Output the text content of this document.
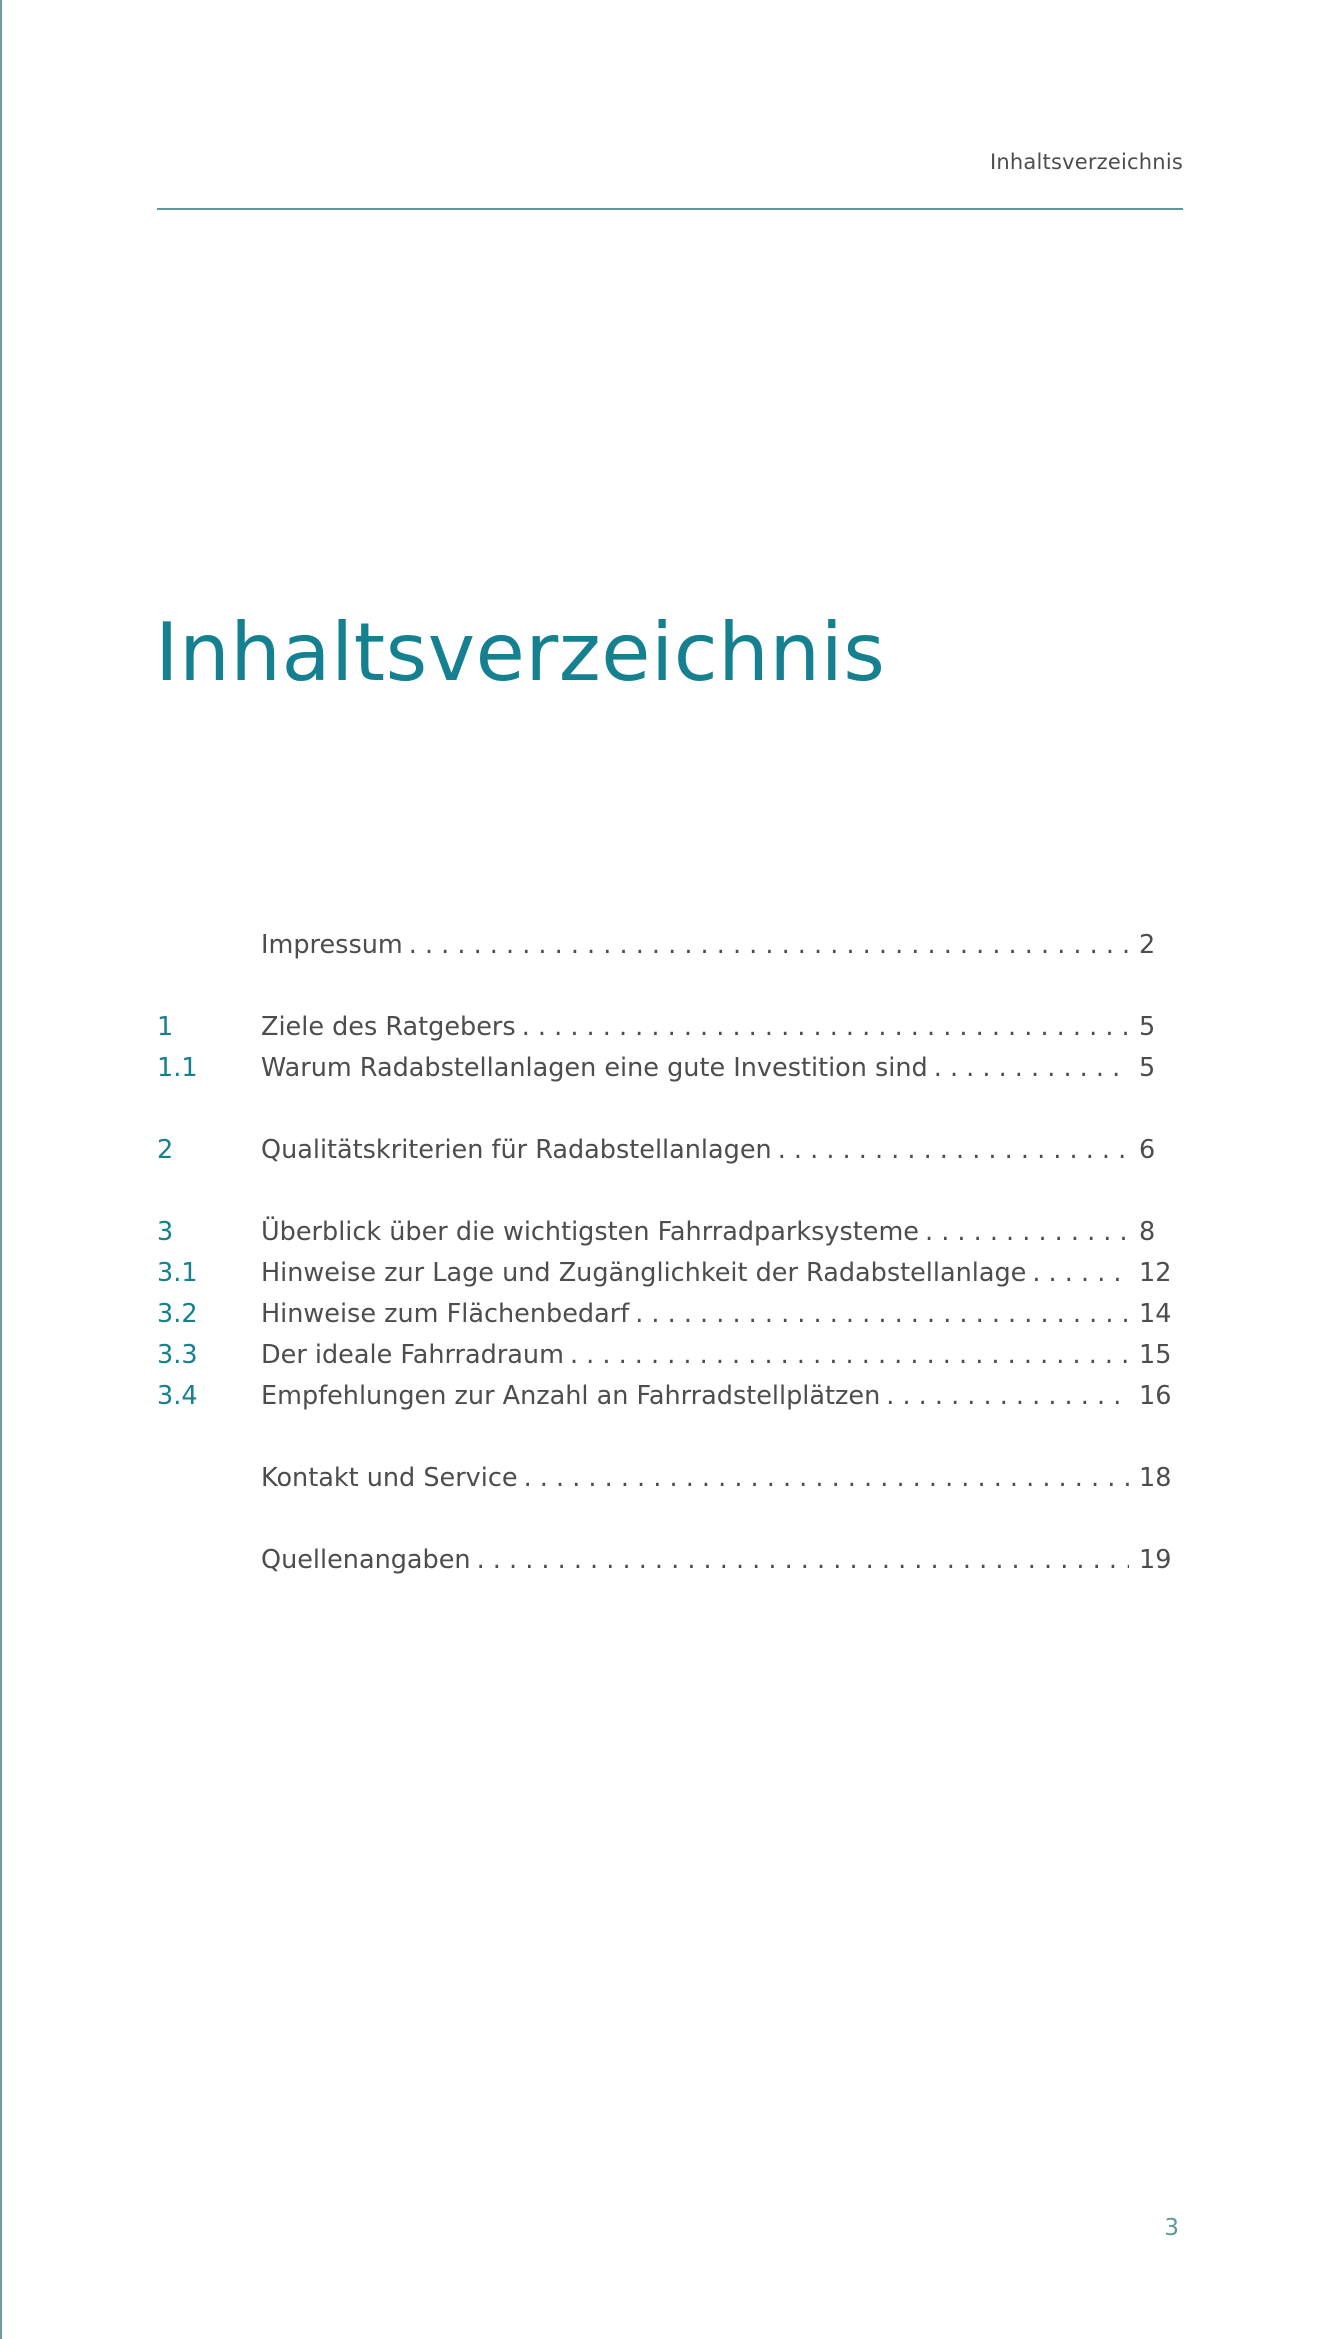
Inhaltsverzeichnis
Inhaltsverzeichnis
Impressum . . .	2
1	Ziele des Ratgebers . . .	5
1.1	Warum Radabstellanlagen eine gute Investition sind . . .	5
2	Qualitätskriterien für Radabstellanlagen . . .	6
3	Überblick über die wichtigsten Fahrradparksysteme . . .	8
3.1	Hinweise zur Lage und Zugänglichkeit der Radabstellanlage . . .	12
3.2	Hinweise zum Flächenbedarf . . .	14
3.3	Der ideale Fahrradraum . . .	15
3.4	Empfehlungen zur Anzahl an Fahrradstellplätzen . . .	16
Kontakt und Service . . .	18
Quellenangaben . . .	19
3
